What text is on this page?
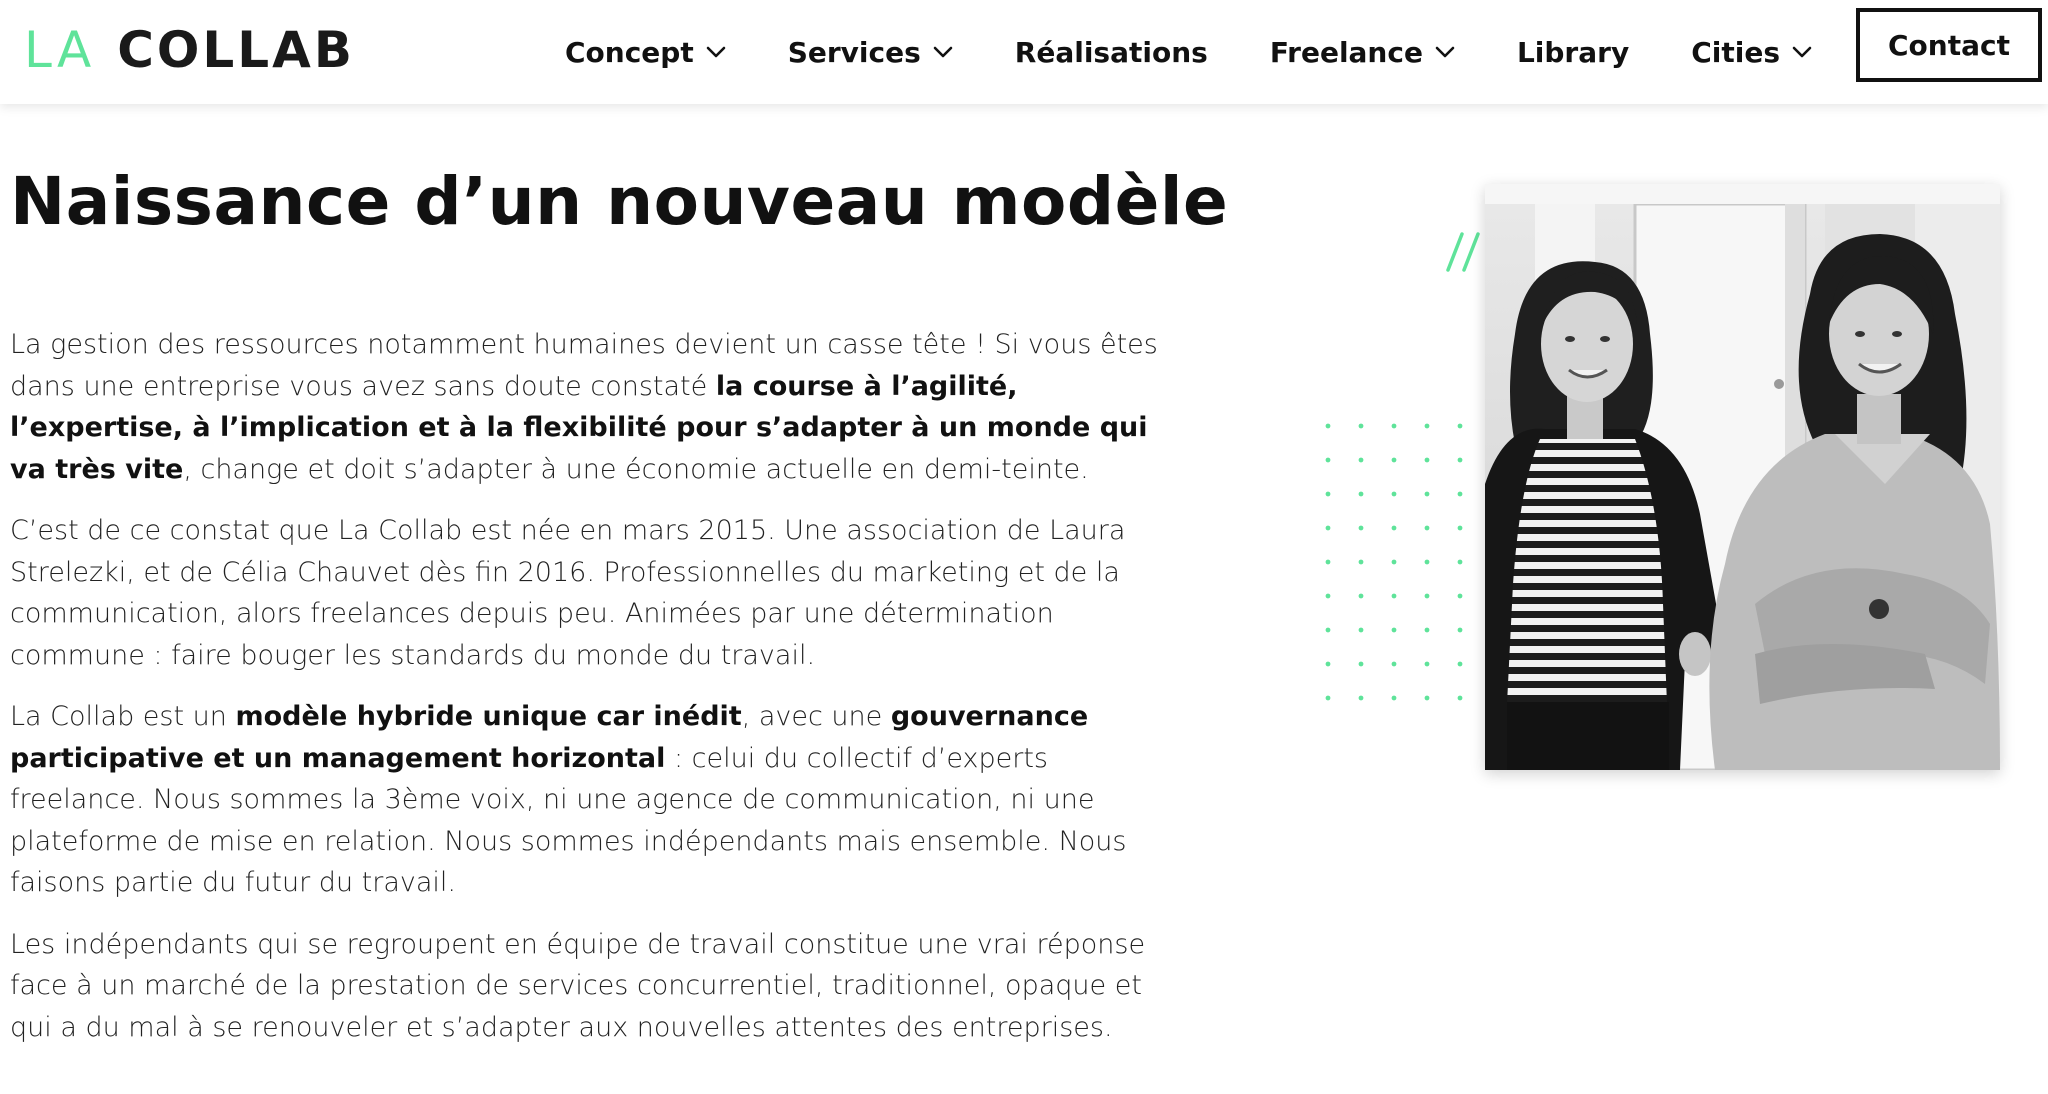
LA COLLAB	Concept	Services	Réalisations Freelance	Library Cities	Contact
Naissance d’un nouveau modèle

La gestion des ressources notamment humaines devient un casse tête ! Si vous êtes dans une entreprise vous avez sans doute constaté la course à l’agilité, l’expertise, à l’implication et à la flexibilité pour s’adapter à un monde qui va très vite, change et doit s’adapter à une économie actuelle en demi-teinte.

C’est de ce constat que La Collab est née en mars 2015. Une association de Laura Strelezki, et de Célia Chauvet dès fin 2016. Professionnelles du marketing et de la communication, alors freelances depuis peu. Animées par une détermination commune : faire bouger les standards du monde du travail.

La Collab est un modèle hybride unique car inédit, avec une gouvernance participative et un management horizontal : celui du collectif d’experts freelance. Nous sommes la 3ème voix, ni une agence de communication, ni une plateforme de mise en relation. Nous sommes indépendants mais ensemble. Nous faisons partie du futur du travail.

Les indépendants qui se regroupent en équipe de travail constitue une vrai réponse face à un marché de la prestation de services concurrentiel, traditionnel, opaque et qui a du mal à se renouveler et s’adapter aux nouvelles attentes des entreprises.
